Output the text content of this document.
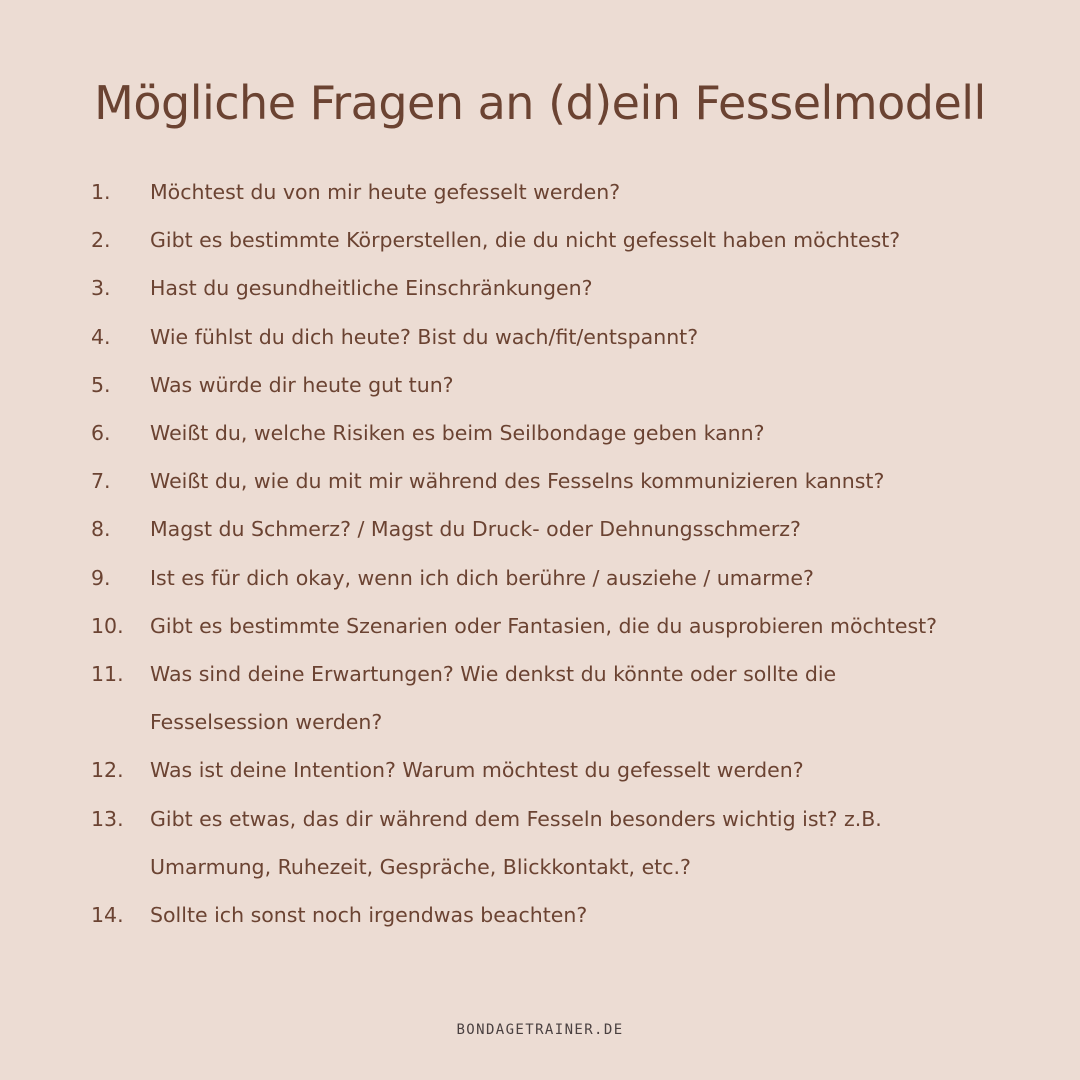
Mögliche Fragen an (d)ein Fesselmodell
1.	Möchtest du von mir heute gefesselt werden?
2.	Gibt es bestimmte Körperstellen, die du nicht gefesselt haben möchtest?
3.	Hast du gesundheitliche Einschränkungen?
4.	Wie fühlst du dich heute? Bist du wach/fit/entspannt?
5.	Was würde dir heute gut tun?
6.	Weißt du, welche Risiken es beim Seilbondage geben kann?
7.	Weißt du, wie du mit mir während des Fesselns kommunizieren kannst?
8.	Magst du Schmerz? / Magst du Druck- oder Dehnungsschmerz?
9.	Ist es für dich okay, wenn ich dich berühre / ausziehe / umarme?
10.	Gibt es bestimmte Szenarien oder Fantasien, die du ausprobieren möchtest?
11.	Was sind deine Erwartungen? Wie denkst du könnte oder sollte die Fesselsession werden?
12.	Was ist deine Intention? Warum möchtest du gefesselt werden?
13.	Gibt es etwas, das dir während dem Fesseln besonders wichtig ist? z.B. Umarmung, Ruhezeit, Gespräche, Blickkontakt, etc.?
14.	Sollte ich sonst noch irgendwas beachten?
BONDAGETRAINER.DE
